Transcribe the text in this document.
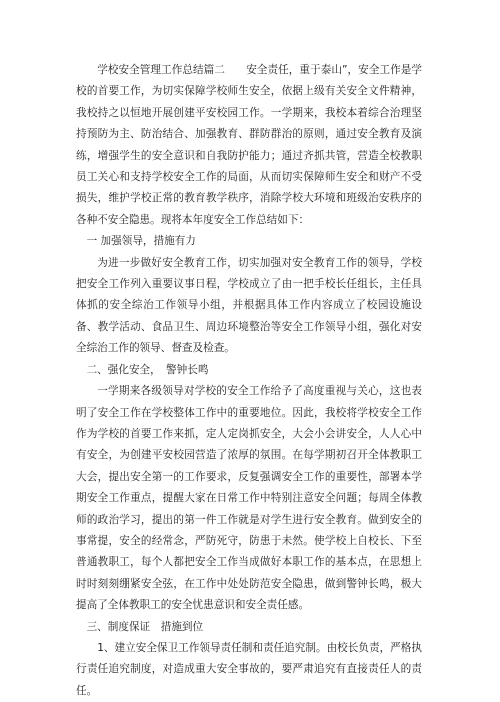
学校安全管理工作总结篇二　　安全责任，重于泰山”，安全工作是学校的首要工作，为切实保障学校师生安全，依据上级有关安全文件精神，我校持之以恒地开展创建平安校园工作。一学期来，我校本着综合治理坚持预防为主、防治结合、加强教育、群防群治的原则，通过安全教育及演练，增强学生的安全意识和自我防护能力；通过齐抓共管，营造全校教职员工关心和支持学校安全工作的局面，从而切实保障师生安全和财产不受损失，维护学校正常的教育教学秩序，消除学校大环境和班级治安秩序的各种不安全隐患。现将本年度安全工作总结如下：

一 加强领导，措施有力

为进一步做好安全教育工作，切实加强对安全教育工作的领导，学校把安全工作列入重要议事日程，学校成立了由一把手校长任组长，主任具体抓的安全综治工作领导小组，并根据具体工作内容成立了校园设施设备、教学活动、食品卫生、周边环境整治等安全工作领导小组，强化对安全综治工作的领导、督查及检查。

二、强化安全，　警钟长鸣

一学期来各级领导对学校的安全工作给予了高度重视与关心，这也表明了安全工作在学校整体工作中的重要地位。因此，我校将学校安全工作作为学校的首要工作来抓，定人定岗抓安全，大会小会讲安全，人人心中有安全，为创建平安校园营造了浓厚的氛围。在每学期初召开全体教职工大会，提出安全第一的工作要求，反复强调安全工作的重要性，部署本学期安全工作重点，提醒大家在日常工作中特别注意安全问题；每周全体教师的政治学习，提出的第一件工作就是对学生进行安全教育。做到安全的事常提，安全的经常念，严防死守，防患于未然。使学校上自校长、下至普通教职工，每个人都把安全工作当成做好本职工作的基本点，在思想上时时刻刻绷紧安全弦，在工作中处处防范安全隐患，做到警钟长鸣，极大提高了全体教职工的安全忧患意识和安全责任感。

三、制度保证　措施到位

1、建立安全保卫工作领导责任制和责任追究制。由校长负责，严格执行责任追究制度，对造成重大安全事故的，要严肃追究有直接责任人的责任。
